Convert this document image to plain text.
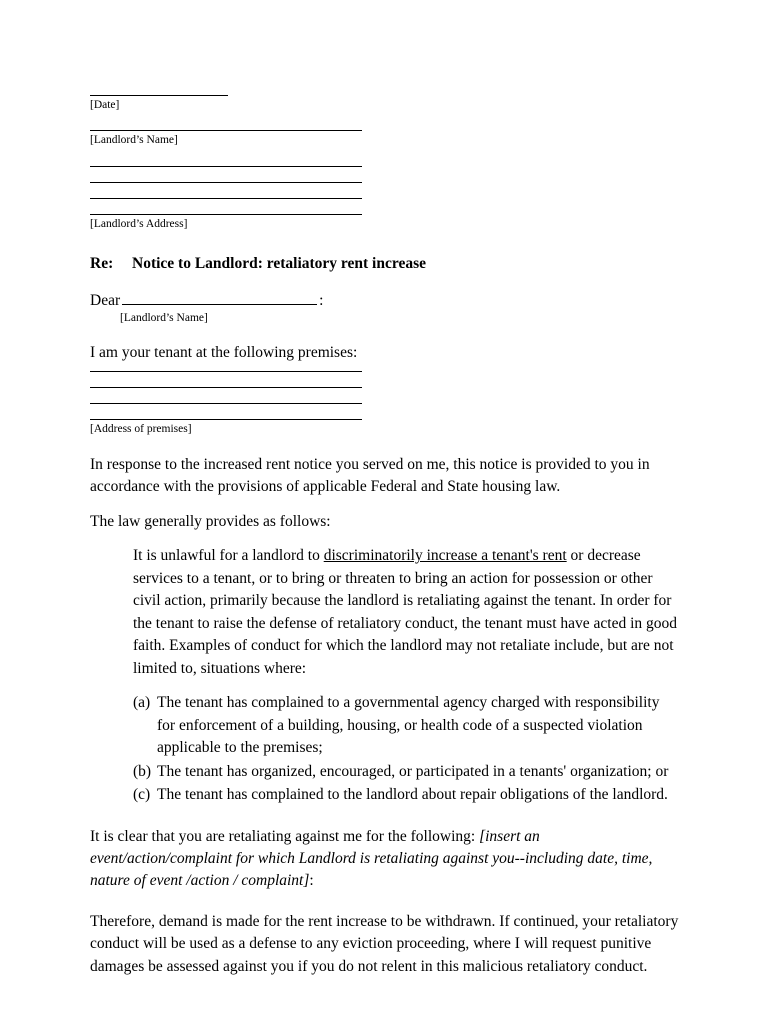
[Date]
[Landlord’s Name]
[Landlord’s Address]
Re:	Notice to Landlord: retaliatory rent increase
Dear	:
[Landlord’s Name]

I am your tenant at the following premises:

[Address of premises]

In response to the increased rent notice you served on me, this notice is provided to you in accordance with the provisions of applicable Federal and State housing law.

The law generally provides as follows:

It is unlawful for a landlord to discriminatorily increase a tenant's rent or decrease services to a tenant, or to bring or threaten to bring an action for possession or other civil action, primarily because the landlord is retaliating against the tenant. In order for the tenant to raise the defense of retaliatory conduct, the tenant must have acted in good faith. Examples of conduct for which the landlord may not retaliate include, but are not limited to, situations where:
(a) The tenant has complained to a governmental agency charged with responsibility for enforcement of a building, housing, or health code of a suspected violation applicable to the premises;
(b) The tenant has organized, encouraged, or participated in a tenants' organization; or
(c) The tenant has complained to the landlord about repair obligations of the landlord.

It is clear that you are retaliating against me for the following: [insert an event/action/complaint for which Landlord is retaliating against you--including date, time, nature of event /action / complaint]:

Therefore, demand is made for the rent increase to be withdrawn. If continued, your retaliatory conduct will be used as a defense to any eviction proceeding, where I will request punitive damages be assessed against you if you do not relent in this malicious retaliatory conduct.
